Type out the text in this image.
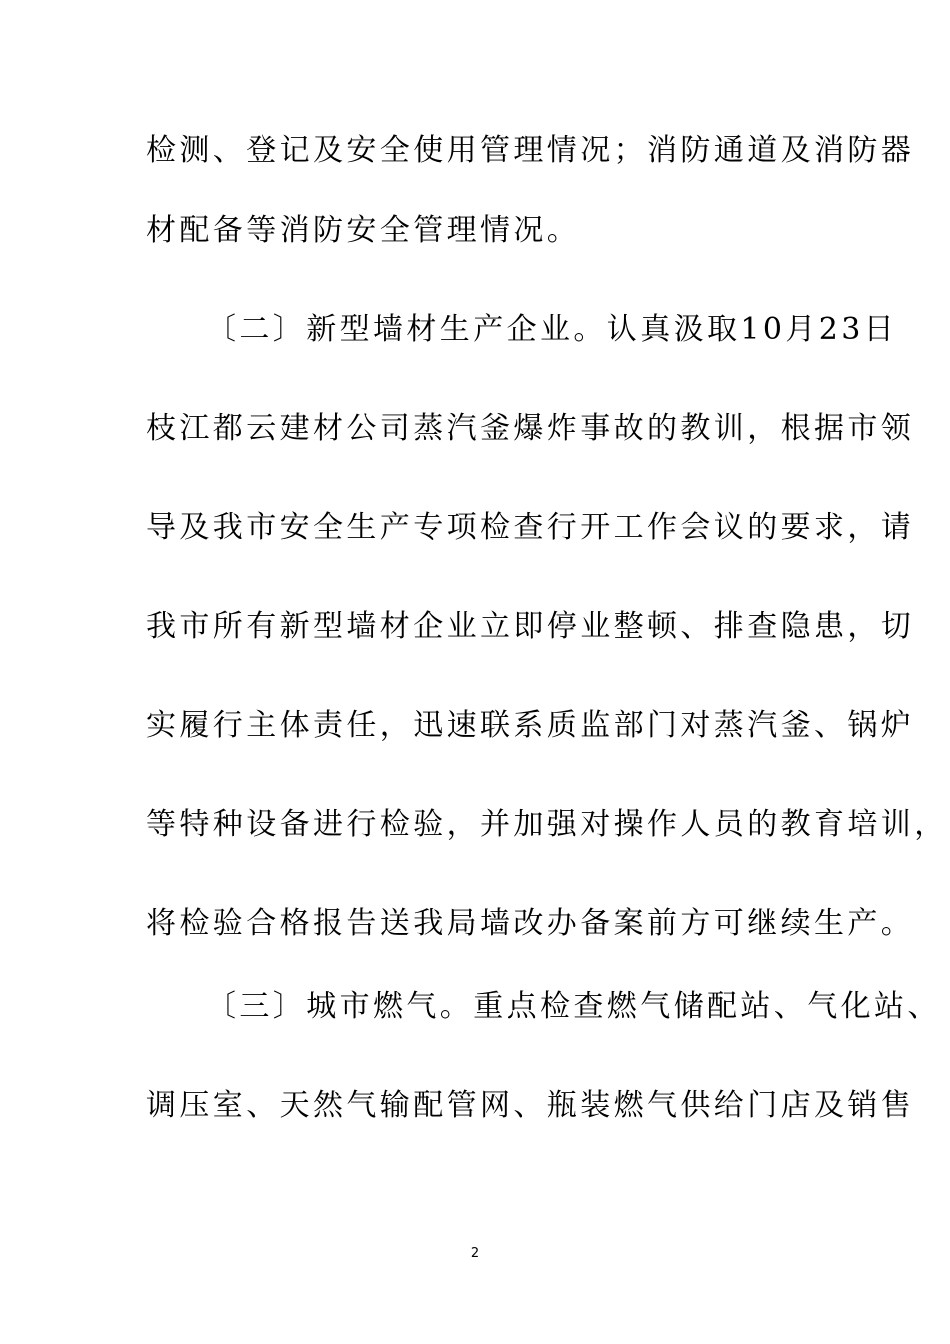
检测、登记及安全使用管理情况；消防通道及消防器
材配备等消防安全管理情况。
〔二〕新型墙材生产企业。认真汲取10月23日
枝江都云建材公司蒸汽釜爆炸事故的教训，根据市领
导及我市安全生产专项检查行开工作会议的要求，请
我市所有新型墙材企业立即停业整顿、排查隐患，切
实履行主体责任，迅速联系质监部门对蒸汽釜、锅炉
等特种设备进行检验，并加强对操作人员的教育培训，
将检验合格报告送我局墙改办备案前方可继续生产。
〔三〕城市燃气。重点检查燃气储配站、气化站、
调压室、天然气输配管网、瓶装燃气供给门店及销售
2
